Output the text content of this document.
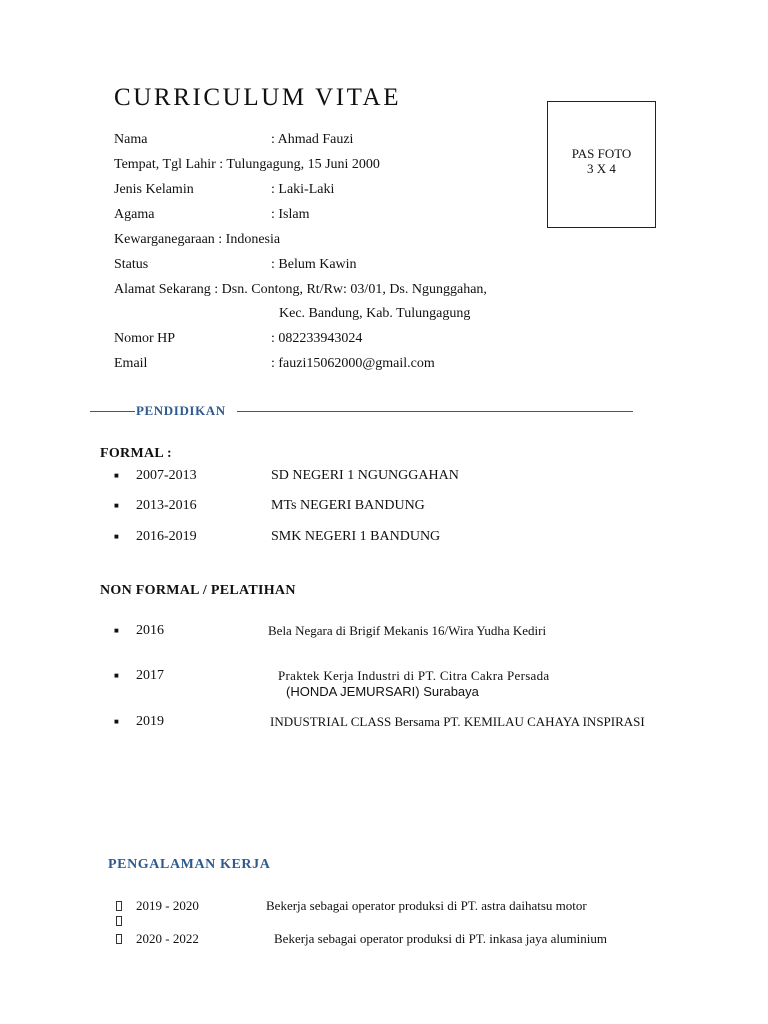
CURRICULUM VITAE
PAS FOTO
3 X 4
Nama	: Ahmad Fauzi
Tempat, Tgl Lahir : Tulungagung, 15 Juni 2000
Jenis Kelamin	: Laki-Laki
Agama	: Islam
Kewarganegaraan : Indonesia
Status	: Belum Kawin
Alamat Sekarang : Dsn. Contong, Rt/Rw: 03/01, Ds. Ngunggahan,
Kec. Bandung, Kab. Tulungagung
Nomor HP	: 082233943024
Email	: fauzi15062000@gmail.com
PENDIDIKAN
FORMAL :
■ 2007-2013	SD NEGERI 1 NGUNGGAHAN
■ 2013-2016	MTs NEGERI BANDUNG
■ 2016-2019	SMK NEGERI 1 BANDUNG
NON FORMAL / PELATIHAN
■ 2016	Bela Negara di Brigif Mekanis 16/Wira Yudha Kediri
■ 2017	Praktek Kerja Industri di PT. Citra Cakra Persada
(HONDA JEMURSARI) Surabaya
■ 2019	INDUSTRIAL CLASS Bersama PT. KEMILAU CAHAYA INSPIRASI
PENGALAMAN KERJA
2019 - 2020	Bekerja sebagai operator produksi di PT. astra daihatsu motor
2020 - 2022	Bekerja sebagai operator produksi di PT. inkasa jaya aluminium
